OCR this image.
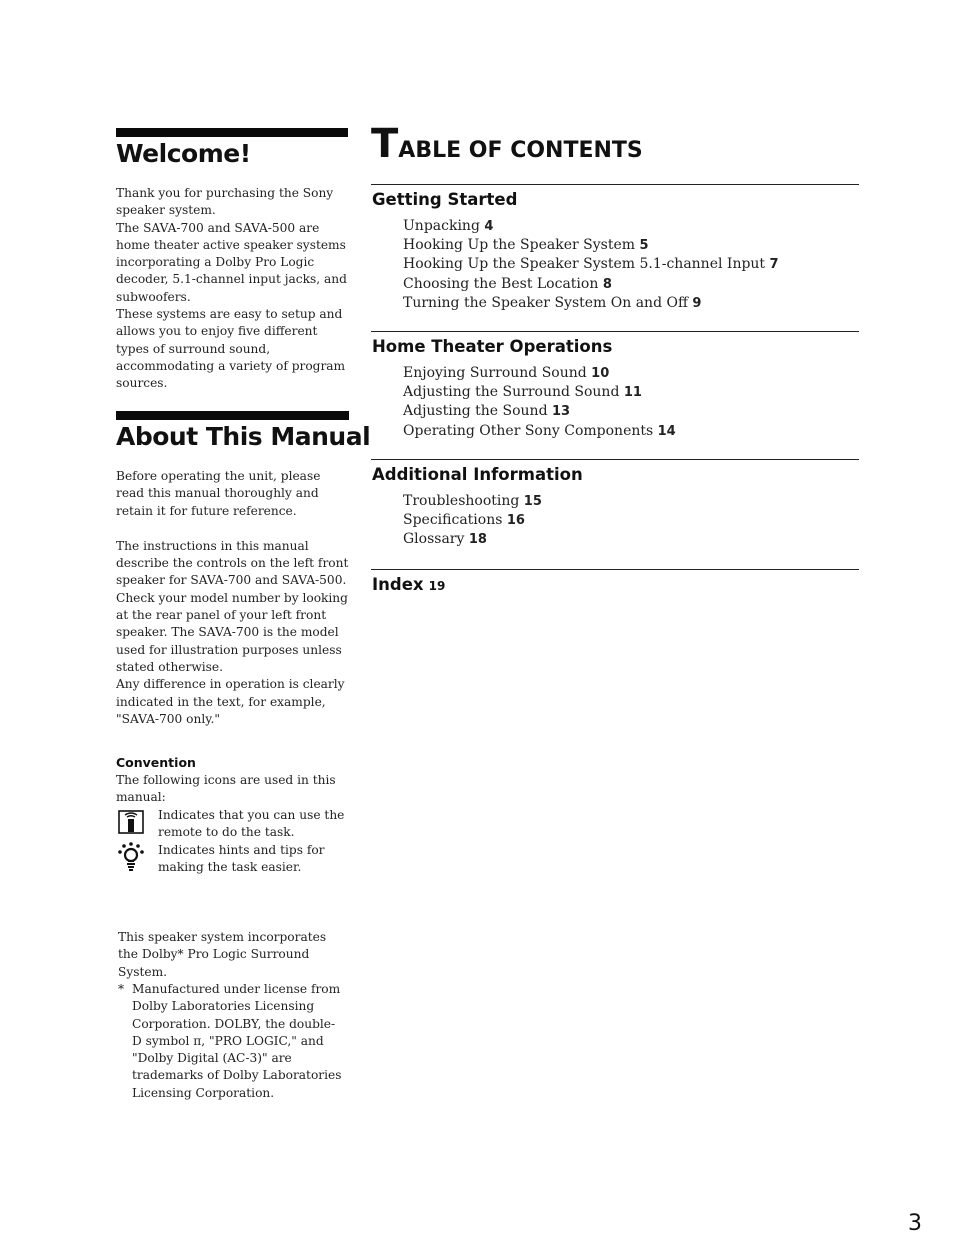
Welcome!
Thank you for purchasing the Sony speaker system.
The SAVA-700 and SAVA-500 are home theater active speaker systems incorporating a Dolby Pro Logic decoder, 5.1-channel input jacks, and subwoofers.
These systems are easy to setup and allows you to enjoy five different types of surround sound, accommodating a variety of program sources.
About This Manual
Before operating the unit, please read this manual thoroughly and retain it for future reference.
The instructions in this manual describe the controls on the left front speaker for SAVA-700 and SAVA-500. Check your model number by looking at the rear panel of your left front speaker. The SAVA-700 is the model used for illustration purposes unless stated otherwise.
Any difference in operation is clearly indicated in the text, for example, "SAVA-700 only."
Convention
The following icons are used in this manual:
Indicates that you can use the remote to do the task.
Indicates hints and tips for making the task easier.
This speaker system incorporates the Dolby* Pro Logic Surround System.
* Manufactured under license from Dolby Laboratories Licensing Corporation. DOLBY, the double-D symbol π, "PRO LOGIC," and "Dolby Digital (AC-3)" are trademarks of Dolby Laboratories Licensing Corporation.
TABLE OF CONTENTS
Getting Started
Unpacking 4
Hooking Up the Speaker System 5
Hooking Up the Speaker System 5.1-channel Input 7
Choosing the Best Location 8
Turning the Speaker System On and Off 9
Home Theater Operations
Enjoying Surround Sound 10
Adjusting the Surround Sound 11
Adjusting the Sound 13
Operating Other Sony Components 14
Additional Information
Troubleshooting 15
Specifications 16
Glossary 18
Index 19
3
